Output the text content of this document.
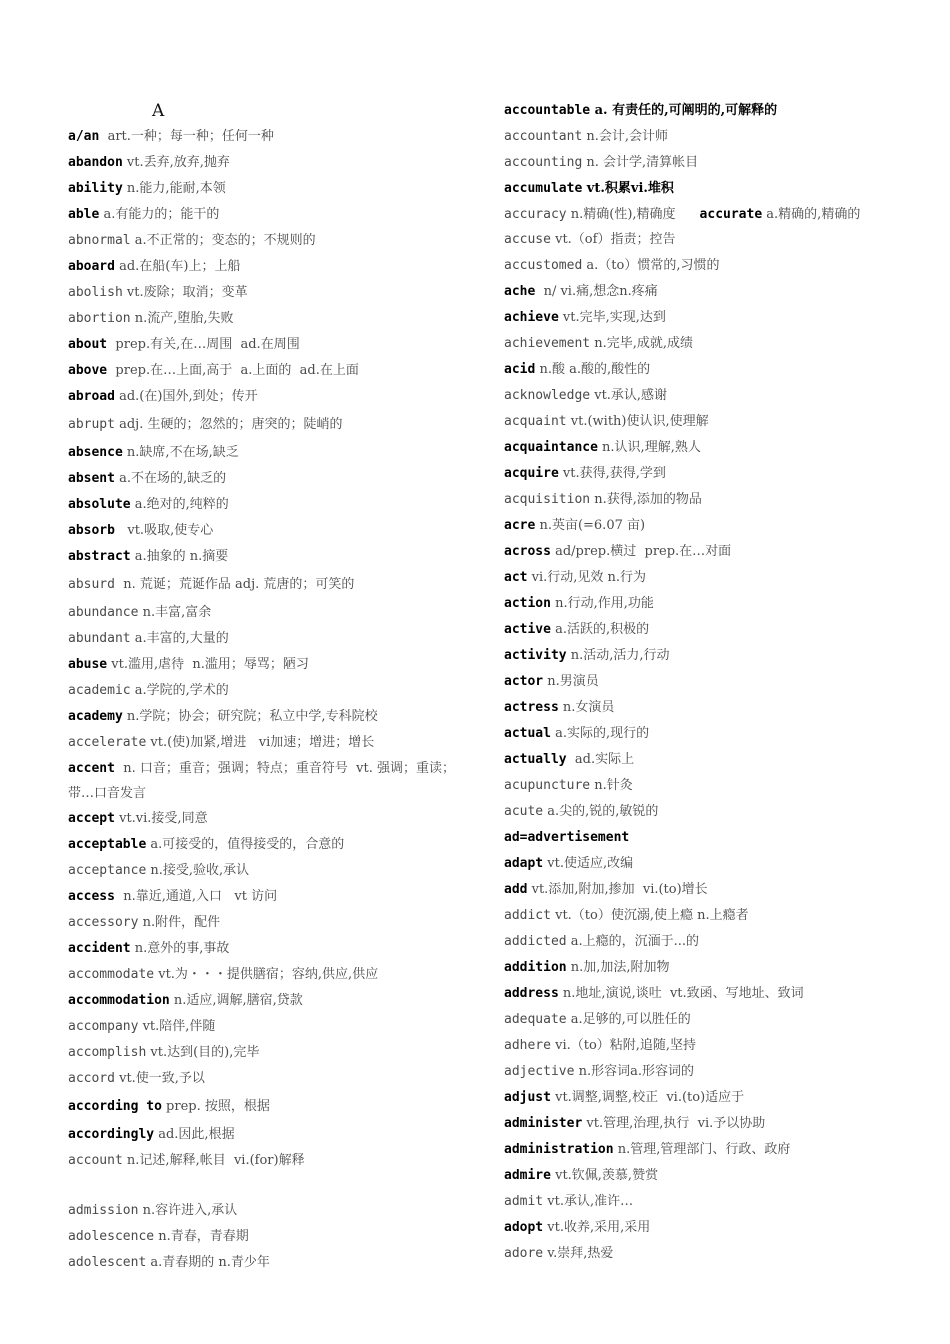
A
a/an  art.一种；每一种；任何一种
abandon vt.丢弃,放弃,抛弃
ability n.能力,能耐,本领
able a.有能力的；能干的
abnormal a.不正常的；变态的；不规则的
aboard ad.在船(车)上；上船
abolish vt.废除；取消；变革
abortion n.流产,堕胎,失败
about  prep.有关,在…周围  ad.在周围
above  prep.在…上面,高于  a.上面的  ad.在上面
abroad ad.(在)国外,到处；传开
abrupt adj. 生硬的；忽然的；唐突的；陡峭的
absence n.缺席,不在场,缺乏
absent a.不在场的,缺乏的
absolute a.绝对的,纯粹的
absorb   vt.吸取,使专心
abstract a.抽象的 n.摘要
absurd  n. 荒诞；荒诞作品 adj. 荒唐的；可笑的
abundance n.丰富,富余
abundant a.丰富的,大量的
abuse vt.滥用,虐待  n.滥用；辱骂；陋习
academic a.学院的,学术的
academy n.学院；协会；研究院；私立中学,专科院校
accelerate vt.(使)加紧,增进   vi加速；增进；增长
accent  n. 口音；重音；强调；特点；重音符号  vt. 强调；重读；带…口音发言
accept vt.vi.接受,同意
acceptable a.可接受的，值得接受的，合意的
acceptance n.接受,验收,承认
access  n.靠近,通道,入口   vt 访问
accessory n.附件，配件
accident n.意外的事,事故
accommodate vt.为・・・提供膳宿；容纳,供应,供应
accommodation n.适应,调解,膳宿,贷款
accompany vt.陪伴,伴随
accomplish vt.达到(目的),完毕
accord vt.使一致,予以
according to prep. 按照，根据
accordingly ad.因此,根据
account n.记述,解释,帐目  vi.(for)解释
admission n.容许进入,承认
adolescence n.青春，青春期
adolescent a.青春期的 n.青少年
accountable a. 有责任的,可阐明的,可解释的
accountant n.会计,会计师
accounting n. 会计学,清算帐目
accumulate vt.积累vi.堆积
accuracy n.精确(性),精确度 accurate a.精确的,精确的
accuse vt.（of）指责；控告
accustomed a.（to）惯常的,习惯的
ache  n/ vi.痛,想念n.疼痛
achieve vt.完毕,实现,达到
achievement n.完毕,成就,成绩
acid n.酸 a.酸的,酸性的
acknowledge vt.承认,感谢
acquaint vt.(with)使认识,使理解
acquaintance n.认识,理解,熟人
acquire vt.获得,获得,学到
acquisition n.获得,添加的物品
acre n.英亩(=6.07 亩)
across ad/prep.横过  prep.在…对面
act vi.行动,见效 n.行为
action n.行动,作用,功能
active a.活跃的,积极的
activity n.活动,活力,行动
actor n.男演员
actress n.女演员
actual a.实际的,现行的
actually  ad.实际上
acupuncture n.针灸
acute a.尖的,锐的,敏锐的
ad=advertisement
adapt vt.使适应,改编
add vt.添加,附加,掺加  vi.(to)增长
addict vt.（to）使沉溺,使上瘾 n.上瘾者
addicted a.上瘾的，沉湎于...的
addition n.加,加法,附加物
address n.地址,演说,谈吐  vt.致函、写地址、致词
adequate a.足够的,可以胜任的
adhere vi.（to）粘附,追随,坚持
adjective n.形容词a.形容词的
adjust vt.调整,调整,校正  vi.(to)适应于
administer vt.管理,治理,执行  vi.予以协助
administration n.管理,管理部门、行政、政府
admire vt.钦佩,羡慕,赞赏
admit vt.承认,准许…
adopt vt.收养,采用,采用
adore v.崇拜,热爱
